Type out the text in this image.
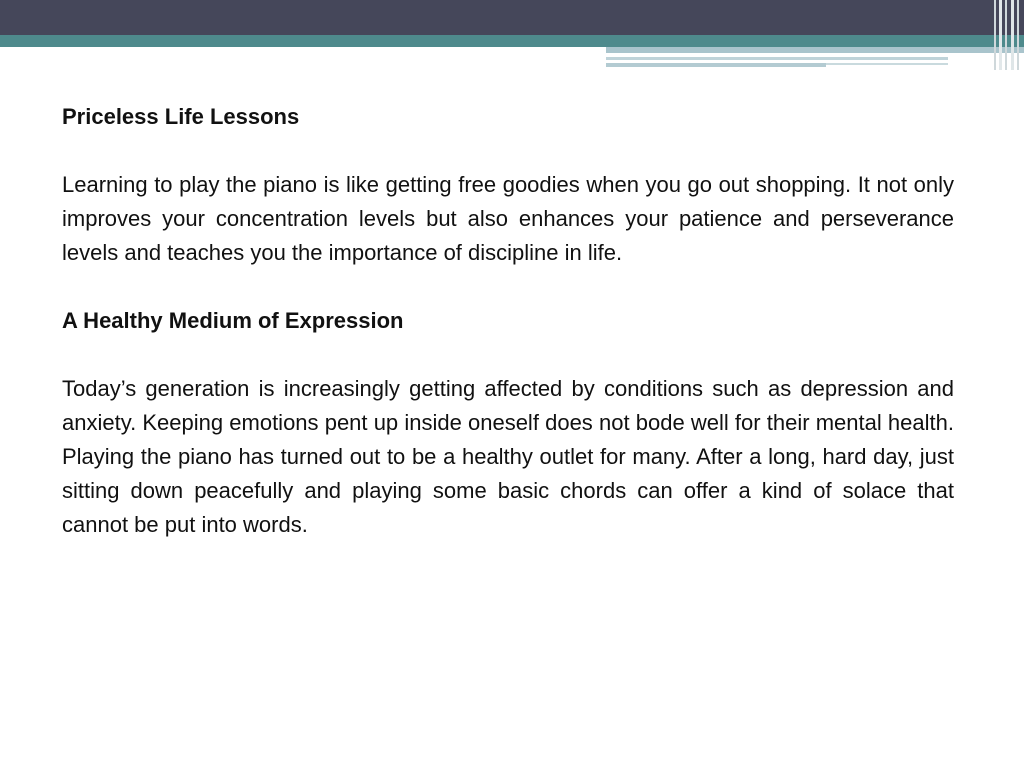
Priceless Life Lessons

Learning to play the piano is like getting free goodies when you go out shopping. It not only improves your concentration levels but also enhances your patience and perseverance levels and teaches you the importance of discipline in life.

A Healthy Medium of Expression

Today’s generation is increasingly getting affected by conditions such as depression and anxiety. Keeping emotions pent up inside oneself does not bode well for their mental health. Playing the piano has turned out to be a healthy outlet for many. After a long, hard day, just sitting down peacefully and playing some basic chords can offer a kind of solace that cannot be put into words.
